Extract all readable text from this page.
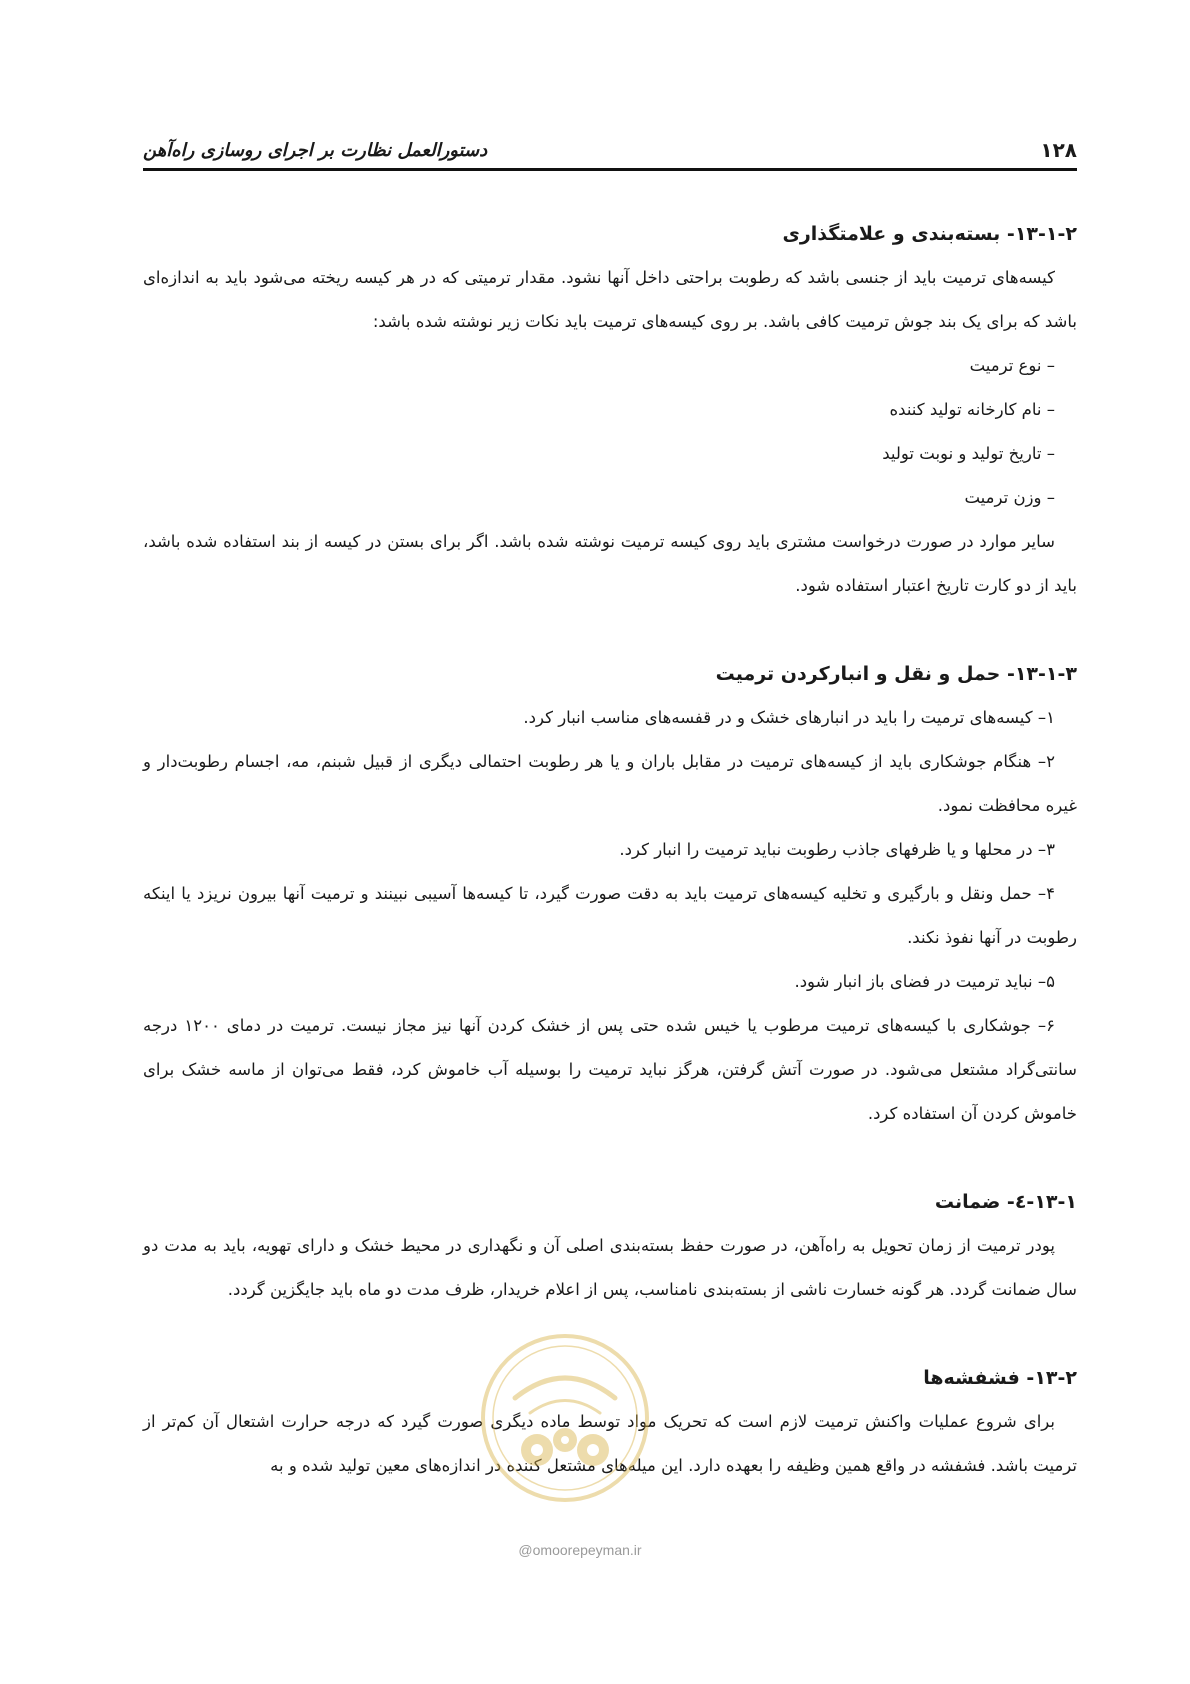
۱۲۸
دستورالعمل نظارت بر اجرای روسازی راه‌آهن
۱۳-۱-۲- بسته‌بندی و علامتگذاری

کیسه‌های ترمیت باید از جنسی باشد که رطوبت براحتی داخل آنها نشود. مقدار ترمیتی که در هر کیسه ریخته می‌شود باید به اندازه‌ای باشد که برای یک بند جوش ترمیت کافی باشد. بر روی کیسه‌های ترمیت باید نکات زیر نوشته شده باشد:

– نوع ترمیت
– نام کارخانه تولید کننده
– تاریخ تولید و نوبت تولید
– وزن ترمیت

سایر موارد در صورت درخواست مشتری باید روی کیسه ترمیت نوشته شده باشد. اگر برای بستن در کیسه از بند استفاده شده باشد، باید از دو کارت تاریخ اعتبار استفاده شود.

۱۳-۱-۳- حمل و نقل و انبارکردن ترمیت

۱– کیسه‌های ترمیت را باید در انبارهای خشک و در قفسه‌های مناسب انبار کرد.

۲– هنگام جوشکاری باید از کیسه‌های ترمیت در مقابل باران و یا هر رطوبت احتمالی دیگری از قبیل شبنم، مه، اجسام رطوبت‌دار و غیره محافظت نمود.

۳– در محلها و یا ظرفهای جاذب رطوبت نباید ترمیت را انبار کرد.

۴– حمل ونقل و بارگیری و تخلیه کیسه‌های ترمیت باید به دقت صورت گیرد، تا کیسه‌ها آسیبی نبینند و ترمیت آنها بیرون نریزد یا اینکه رطوبت در آنها نفوذ نکند.

۵– نباید ترمیت در فضای باز انبار شود.

۶– جوشکاری با کیسه‌های ترمیت مرطوب یا خیس شده حتی پس از خشک کردن آنها نیز مجاز نیست. ترمیت در دمای ۱۲۰۰ درجه سانتی‌گراد مشتعل می‌شود. در صورت آتش گرفتن، هرگز نباید ترمیت را بوسیله آب خاموش کرد، فقط می‌توان از ماسه خشک برای خاموش کردن آن استفاده کرد.

۱۳-۱-٤- ضمانت

پودر ترمیت از زمان تحویل به راه‌آهن، در صورت حفظ بسته‌بندی اصلی آن و نگهداری در محیط خشک و دارای تهویه، باید به مدت دو سال ضمانت گردد. هر گونه خسارت ناشی از بسته‌بندی نامناسب، پس از اعلام خریدار، ظرف مدت دو ماه باید جایگزین گردد.

۱۳-۲- فشفشه‌ها

برای شروع عملیات واکنش ترمیت لازم است که تحریک مواد توسط ماده دیگری صورت گیرد که درجه حرارت اشتعال آن کم‌تر از ترمیت باشد. فشفشه در واقع همین وظیفه را بعهده دارد. این میله‌های مشتعل کننده در اندازه‌های معین تولید شده و به

@omoorepeyman.ir
